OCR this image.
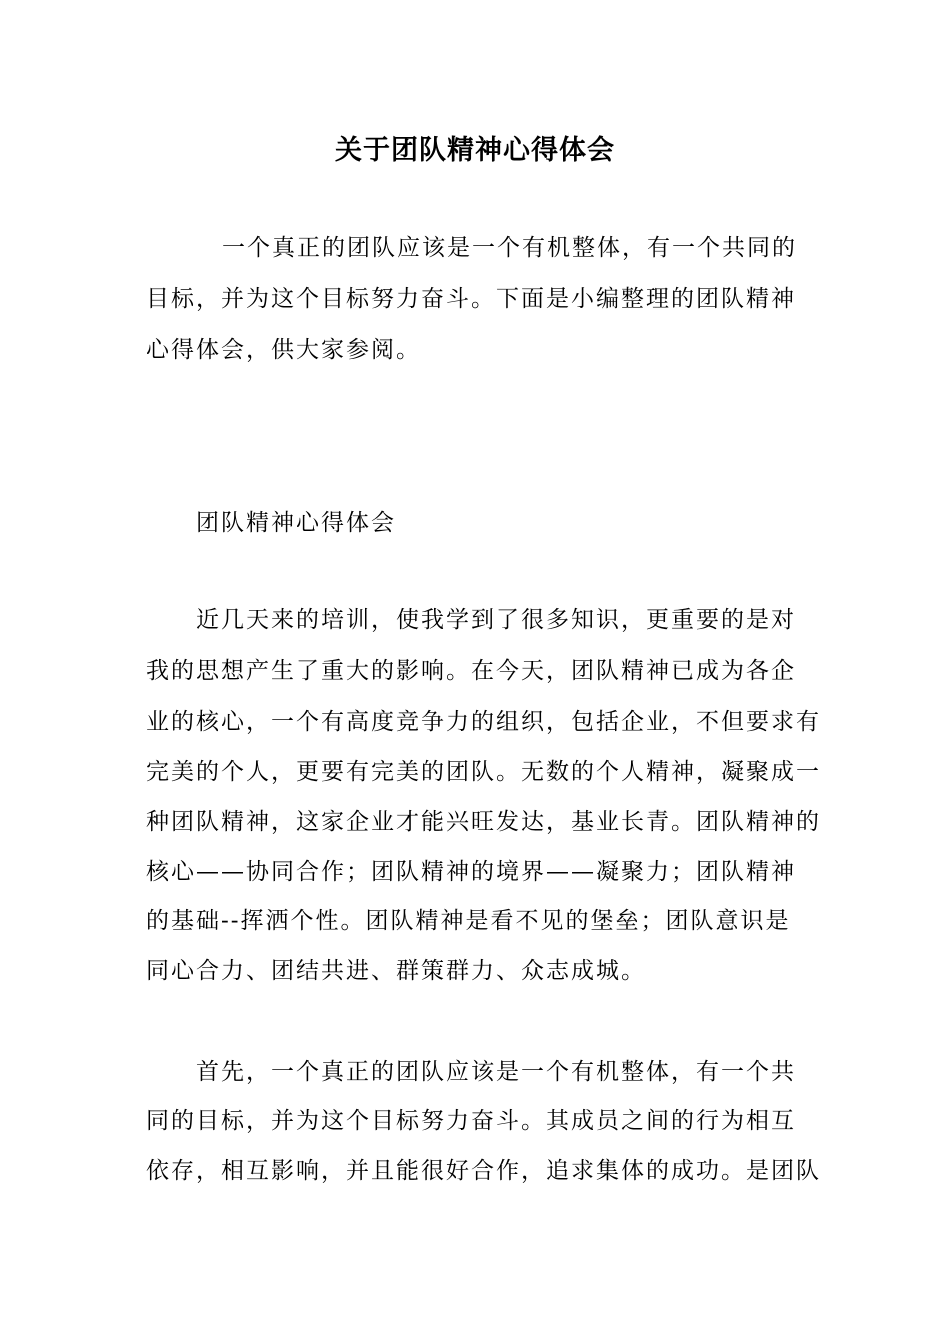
关于团队精神心得体会
一个真正的团队应该是一个有机整体，有一个共同的
目标，并为这个目标努力奋斗。下面是小编整理的团队精神
心得体会，供大家参阅。
团队精神心得体会
近几天来的培训，使我学到了很多知识，更重要的是对
我的思想产生了重大的影响。在今天，团队精神已成为各企
业的核心，一个有高度竞争力的组织，包括企业，不但要求有
完美的个人，更要有完美的团队。无数的个人精神，凝聚成一
种团队精神，这家企业才能兴旺发达，基业长青。团队精神的
核心——协同合作；团队精神的境界——凝聚力；团队精神
的基础--挥洒个性。团队精神是看不见的堡垒；团队意识是
同心合力、团结共进、群策群力、众志成城。
首先，一个真正的团队应该是一个有机整体，有一个共
同的目标，并为这个目标努力奋斗。其成员之间的行为相互
依存，相互影响，并且能很好合作，追求集体的成功。是团队
